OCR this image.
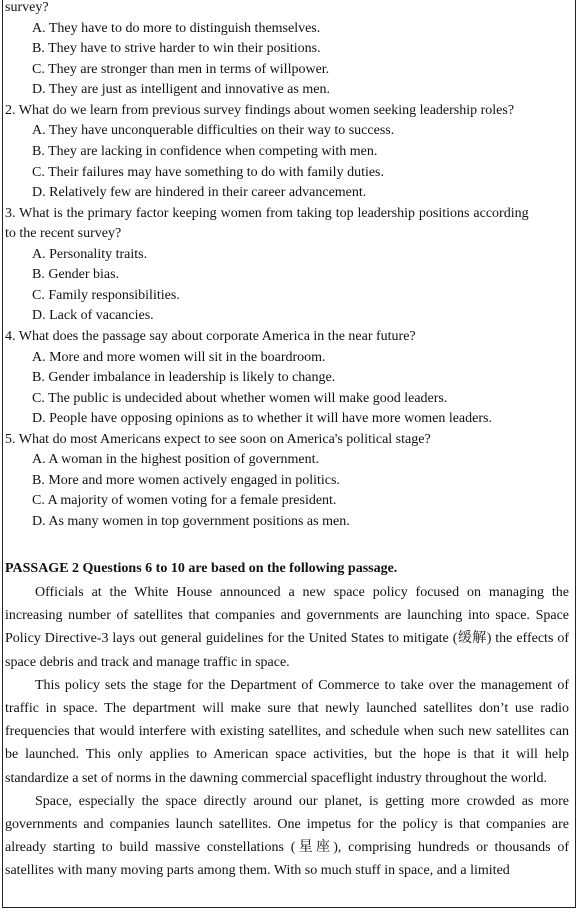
survey?
A. They have to do more to distinguish themselves.
B. They have to strive harder to win their positions.
C. They are stronger than men in terms of willpower.
D. They are just as intelligent and innovative as men.
2. What do we learn from previous survey findings about women seeking leadership roles?
A. They have unconquerable difficulties on their way to success.
B. They are lacking in confidence when competing with men.
C. Their failures may have something to do with family duties.
D. Relatively few are hindered in their career advancement.
3. What is the primary factor keeping women from taking top leadership positions according
to the recent survey?
A. Personality traits.
B. Gender bias.
C. Family responsibilities.
D. Lack of vacancies.
4. What does the passage say about corporate America in the near future?
A. More and more women will sit in the boardroom.
B. Gender imbalance in leadership is likely to change.
C. The public is undecided about whether women will make good leaders.
D. People have opposing opinions as to whether it will have more women leaders.
5. What do most Americans expect to see soon on America's political stage?
A. A woman in the highest position of government.
B. More and more women actively engaged in politics.
C. A majority of women voting for a female president.
D. As many women in top government positions as men.
PASSAGE 2 Questions 6 to 10 are based on the following passage.

Officials at the White House announced a new space policy focused on managing the increasing number of satellites that companies and governments are launching into space. Space Policy Directive-3 lays out general guidelines for the United States to mitigate (缓解) the effects of space debris and track and manage traffic in space.

This policy sets the stage for the Department of Commerce to take over the management of traffic in space. The department will make sure that newly launched satellites don’t use radio frequencies that would interfere with existing satellites, and schedule when such new satellites can be launched. This only applies to American space activities, but the hope is that it will help standardize a set of norms in the dawning commercial spaceflight industry throughout the world.

Space, especially the space directly around our planet, is getting more crowded as more governments and companies launch satellites. One impetus for the policy is that companies are already starting to build massive constellations (星座), comprising hundreds or thousands of satellites with many moving parts among them. With so much stuff in space, and a limited
